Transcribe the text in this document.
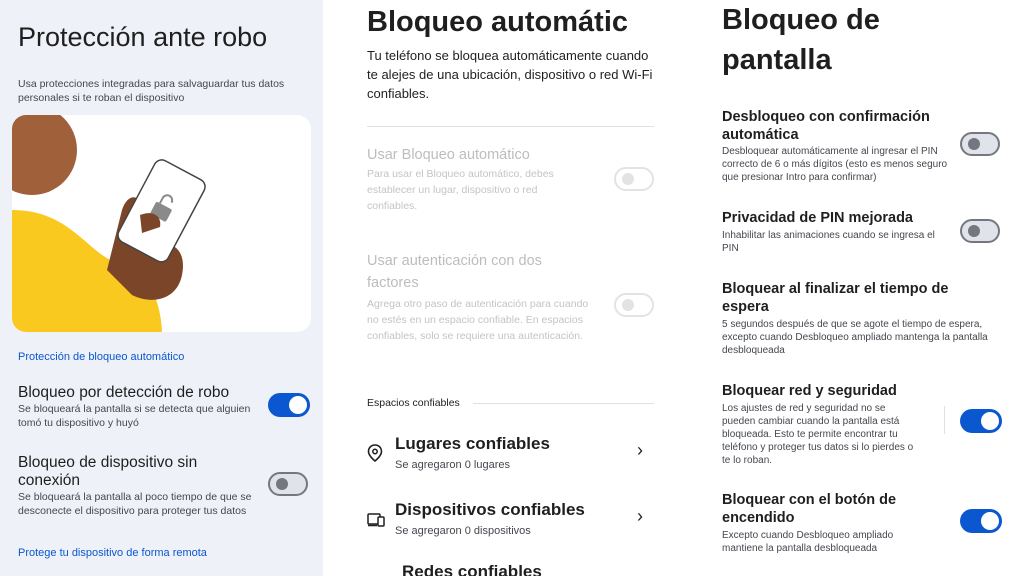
Protección ante robo
Usa protecciones integradas para salvaguardar tus datos personales si te roban el dispositivo
Protección de bloqueo automático
Bloqueo por detección de robo
Se bloqueará la pantalla si se detecta que alguien tomó tu dispositivo y huyó
Bloqueo de dispositivo sin conexión
Se bloqueará la pantalla al poco tiempo de que se desconecte el dispositivo para proteger tus datos
Protege tu dispositivo de forma remota
Bloqueo automátic
Tu teléfono se bloquea automáticamente cuando te alejes de una ubicación, dispositivo o red Wi-Fi confiables.
Usar Bloqueo automático
Para usar el Bloqueo automático, debes establecer un lugar, dispositivo o red confiables.
Usar autenticación con dos factores
Agrega otro paso de autenticación para cuando no estés en un espacio confiable. En espacios confiables, solo se requiere una autenticación.
Espacios confiables
Lugares confiables
Se agregaron 0 lugares
›
Dispositivos confiables
Se agregaron 0 dispositivos
›
Redes confiables
Bloqueo de pantalla
Desbloqueo con confirmación automática
Desbloquear automáticamente al ingresar el PIN correcto de 6 o más dígitos (esto es menos seguro que presionar Intro para confirmar)
Privacidad de PIN mejorada
Inhabilitar las animaciones cuando se ingresa el PIN
Bloquear al finalizar el tiempo de espera
5 segundos después de que se agote el tiempo de espera, excepto cuando Desbloqueo ampliado mantenga la pantalla desbloqueada
Bloquear red y seguridad
Los ajustes de red y seguridad no se pueden cambiar cuando la pantalla está bloqueada. Esto te permite encontrar tu teléfono y proteger tus datos si lo pierdes o te lo roban.
Bloquear con el botón de encendido
Excepto cuando Desbloqueo ampliado mantiene la pantalla desbloqueada
